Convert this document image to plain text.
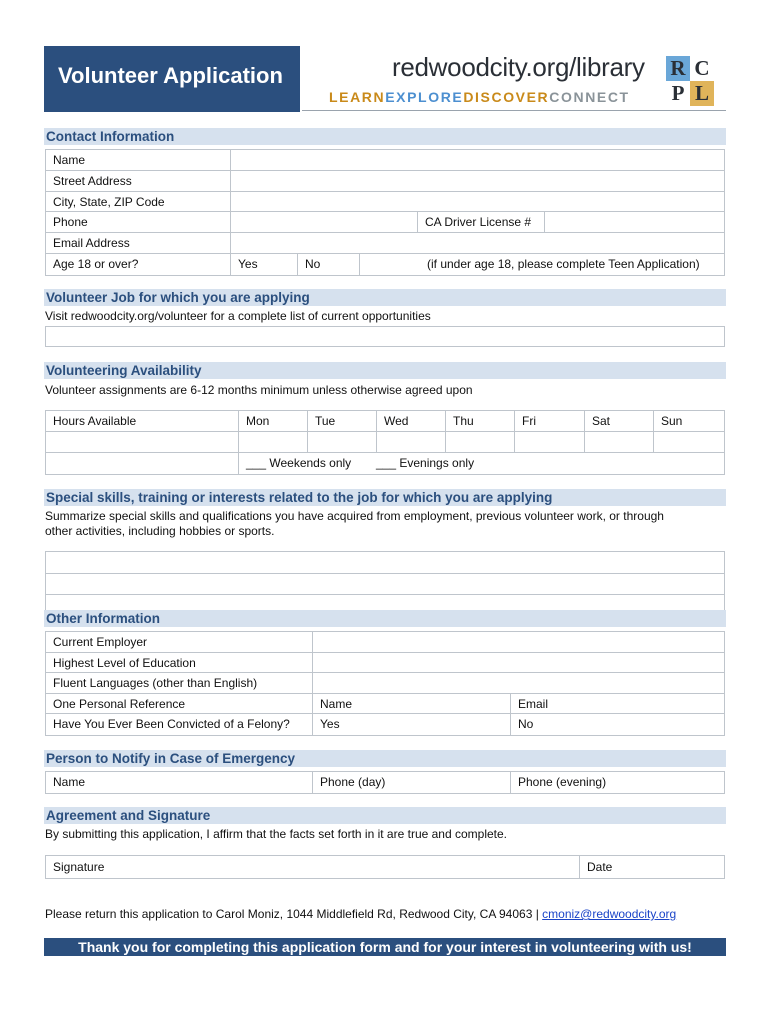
Volunteer Application	redwoodcity.org/library
LEARNEXPLOREDISCOVERCONNECT
R C
P L
Contact Information
Name
Street Address
City, State, ZIP Code
Phone	CA Driver License #
Email Address
Age 18 or over?	Yes	No	(if under age 18, please complete Teen Application)
Volunteer Job for which you are applying
Visit redwoodcity.org/volunteer for a complete list of current opportunities
Volunteering Availability
Volunteer assignments are 6-12 months minimum unless otherwise agreed upon
Hours Available	Mon	Tue	Wed	Thu	Fri	Sat	Sun
___ Weekends only	___ Evenings only
Special skills, training or interests related to the job for which you are applying
Summarize special skills and qualifications you have acquired from employment, previous volunteer work, or through
other activities, including hobbies or sports.
Other Information
Current Employer
Highest Level of Education
Fluent Languages (other than English)
One Personal Reference	Name	Email
Have You Ever Been Convicted of a Felony?	Yes	No
Person to Notify in Case of Emergency
Name	Phone (day)	Phone (evening)
Agreement and Signature
By submitting this application, I affirm that the facts set forth in it are true and complete.
Signature	Date
Please return this application to Carol Moniz, 1044 Middlefield Rd, Redwood City, CA 94063 | cmoniz@redwoodcity.org
Thank you for completing this application form and for your interest in volunteering with us!
